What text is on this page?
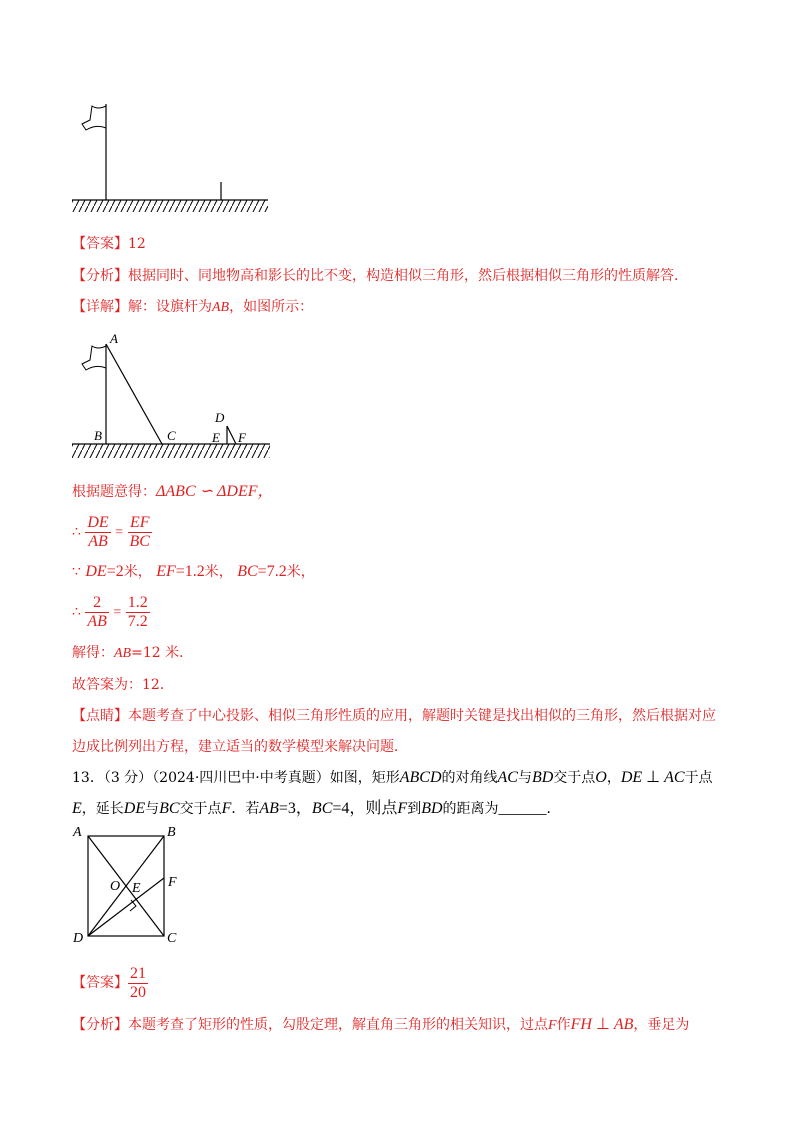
【答案】12
【分析】根据同时、同地物高和影长的比不变，构造相似三角形，然后根据相似三角形的性质解答．
【详解】解：设旗杆为AB，如图所示：
A
B	C
D
E F
根据题意得：ΔABC ∽ ΔDEF，
∴ $\frac{DE}{AB} = \frac{EF}{BC}$
∵ DE=2米， EF=1.2米， BC=7.2米，
∴ $\frac{2}{AB} = \frac{1.2}{7.2}$
解得：AB=12 米．
故答案为：12．
【点睛】本题考查了中心投影、相似三角形性质的应用，解题时关键是找出相似的三角形，然后根据对应
边成比例列出方程，建立适当的数学模型来解决问题．
13．（3 分）（2024·四川巴中·中考真题）如图，矩形ABCD的对角线AC与BD交于点O，DE ⊥ AC于点
E，延长DE与BC交于点F．若AB=3，BC=4，则点F到BD的距离为______．
A	B
C
D
O E F
【答案】 $\frac{21}{20}$
【分析】本题考查了矩形的性质，勾股定理，解直角三角形的相关知识，过点F作FH ⊥ AB，垂足为
